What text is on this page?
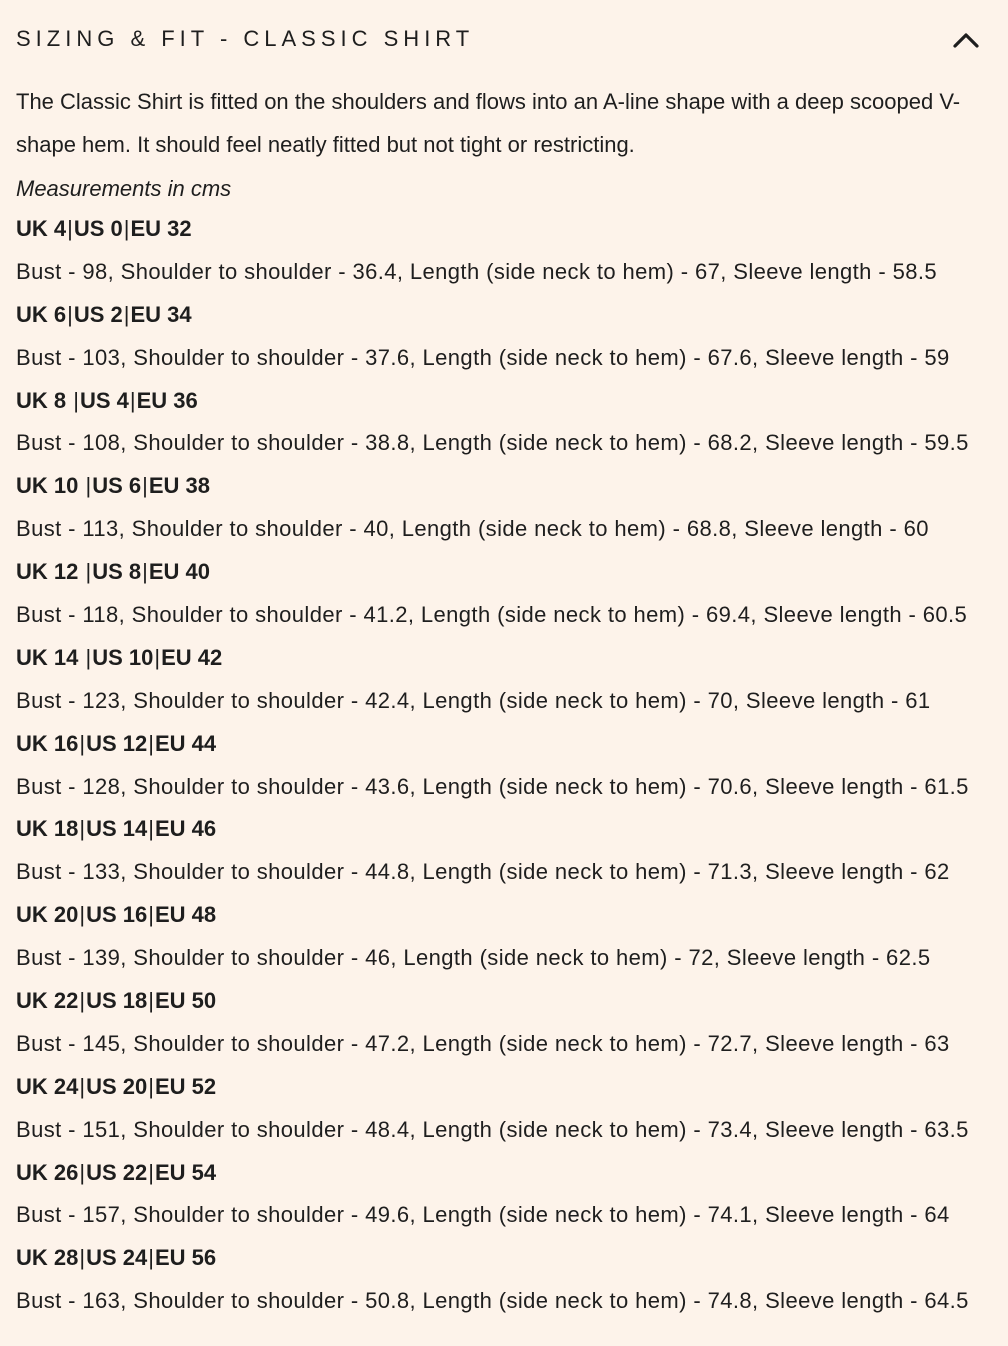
SIZING & FIT - CLASSIC SHIRT

The Classic Shirt is fitted on the shoulders and flows into an A-line shape with a deep scooped V-shape hem. It should feel neatly fitted but not tight or restricting.

Measurements in cms

UK 4|US 0|EU 32
Bust - 98, Shoulder to shoulder - 36.4, Length (side neck to hem) - 67, Sleeve length - 58.5
UK 6|US 2|EU 34
Bust - 103, Shoulder to shoulder - 37.6, Length (side neck to hem) - 67.6, Sleeve length - 59
UK 8 |US 4|EU 36
Bust - 108, Shoulder to shoulder - 38.8, Length (side neck to hem) - 68.2, Sleeve length - 59.5
UK 10 |US 6|EU 38
Bust - 113, Shoulder to shoulder - 40, Length (side neck to hem) - 68.8, Sleeve length - 60
UK 12 |US 8|EU 40
Bust - 118, Shoulder to shoulder - 41.2, Length (side neck to hem) - 69.4, Sleeve length - 60.5
UK 14 |US 10|EU 42
Bust - 123, Shoulder to shoulder - 42.4, Length (side neck to hem) - 70, Sleeve length - 61
UK 16|US 12|EU 44
Bust - 128, Shoulder to shoulder - 43.6, Length (side neck to hem) - 70.6, Sleeve length - 61.5
UK 18|US 14|EU 46
Bust - 133, Shoulder to shoulder - 44.8, Length (side neck to hem) - 71.3, Sleeve length - 62
UK 20|US 16|EU 48
Bust - 139, Shoulder to shoulder - 46, Length (side neck to hem) - 72, Sleeve length - 62.5
UK 22|US 18|EU 50
Bust - 145, Shoulder to shoulder - 47.2, Length (side neck to hem) - 72.7, Sleeve length - 63
UK 24|US 20|EU 52
Bust - 151, Shoulder to shoulder - 48.4, Length (side neck to hem) - 73.4, Sleeve length - 63.5
UK 26|US 22|EU 54
Bust - 157, Shoulder to shoulder - 49.6, Length (side neck to hem) - 74.1, Sleeve length - 64
UK 28|US 24|EU 56
Bust - 163, Shoulder to shoulder - 50.8, Length (side neck to hem) - 74.8, Sleeve length - 64.5
